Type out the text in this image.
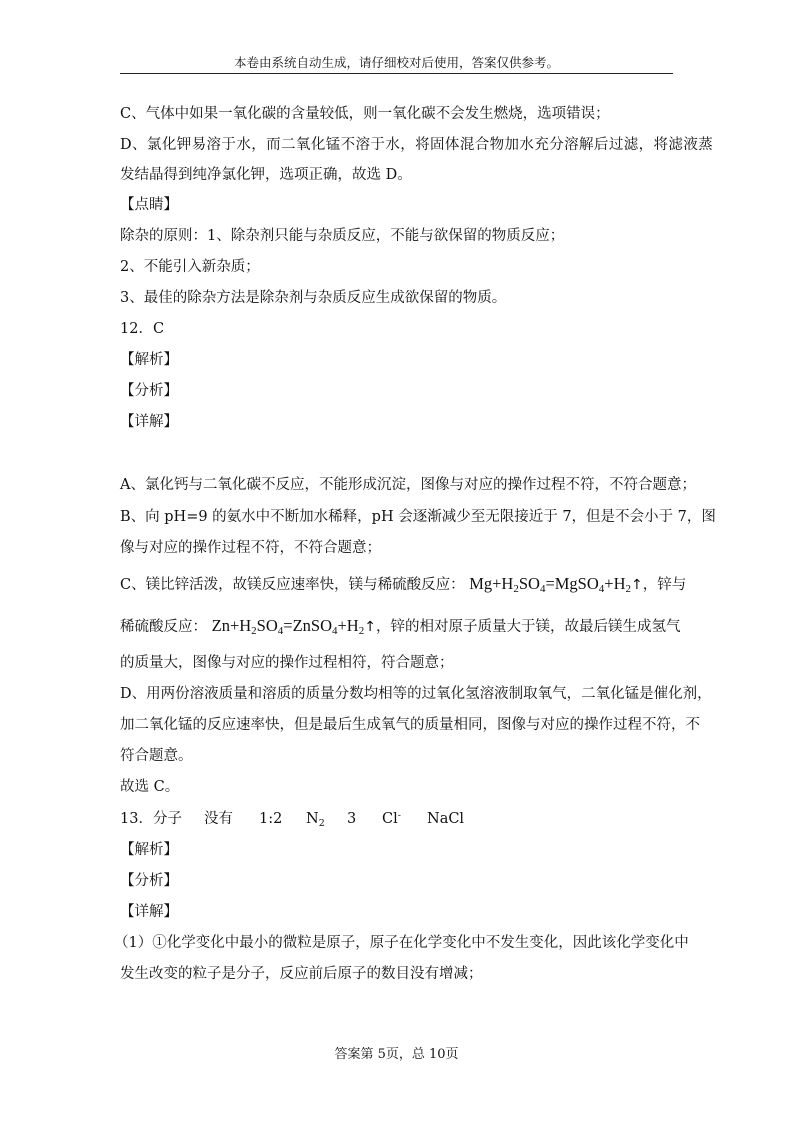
本卷由系统自动生成，请仔细校对后使用，答案仅供参考。
C、气体中如果一氧化碳的含量较低，则一氧化碳不会发生燃烧，选项错误；
D、氯化钾易溶于水，而二氧化锰不溶于水，将固体混合物加水充分溶解后过滤，将滤液蒸
发结晶得到纯净氯化钾，选项正确，故选 D。
【点睛】
除杂的原则：1、除杂剂只能与杂质反应，不能与欲保留的物质反应；
2、不能引入新杂质；
3、最佳的除杂方法是除杂剂与杂质反应生成欲保留的物质。
12．C
【解析】
【分析】
【详解】
A、氯化钙与二氧化碳不反应，不能形成沉淀，图像与对应的操作过程不符，不符合题意；
B、向 pH=9 的氨水中不断加水稀释，pH 会逐渐减少至无限接近于 7，但是不会小于 7，图
像与对应的操作过程不符，不符合题意；
C、镁比锌活泼，故镁反应速率快，镁与稀硫酸反应： $Mg+H_2SO_4=MgSO_4+H_2↑$，锌与
稀硫酸反应： $Zn+H_2SO_4=ZnSO_4+H_2↑$，锌的相对原子质量大于镁，故最后镁生成氢气
的质量大，图像与对应的操作过程相符，符合题意；
D、用两份溶液质量和溶质的质量分数均相等的过氧化氢溶液制取氧气，二氧化锰是催化剂，
加二氧化锰的反应速率快，但是最后生成氧气的质量相同，图像与对应的操作过程不符，不
符合题意。
故选 C。
13．分子 没有 1:2 $N_2$ 3 Cl- NaCl
【解析】
【分析】
【详解】
（1）①化学变化中最小的微粒是原子，原子在化学变化中不发生变化，因此该化学变化中
发生改变的粒子是分子，反应前后原子的数目没有增减；
答案第 5页，总 10页
